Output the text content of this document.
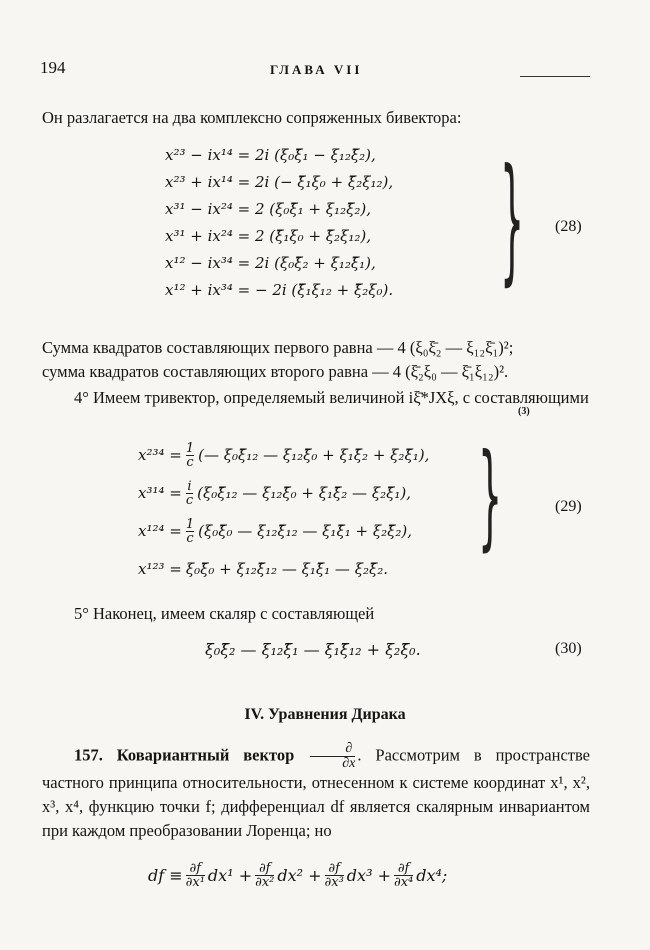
194	ГЛАВА VII
Он разлагается на два комплексно сопряженных бивектора:
x²³ − ix¹⁴ = 2i (ξ₀ξ̄₁ − ξ₁₂ξ̄₂),
x²³ + ix¹⁴ = 2i (− ξ̄₁ξ₀ + ξ̄₂ξ₁₂),
x³¹ − ix²⁴ = 2 (ξ₀ξ̄₁ + ξ₁₂ξ̄₂),
x³¹ + ix²⁴ = 2 (ξ̄₁ξ₀ + ξ̄₂ξ₁₂),
x¹² − ix³⁴ = 2i (ξ₀ξ̄₂ + ξ₁₂ξ̄₁),
x¹² + ix³⁴ = − 2i (ξ̄₁ξ₁₂ + ξ̄₂ξ₀).	} (28)
Сумма квадратов составляющих первого равна — 4 (ξ₀ξ̄₂ — ξ₁₂ξ̄₁)²;
сумма квадратов составляющих второго равна — 4 (ξ̄₂ξ₀ — ξ̄₁ξ₁₂)².
4° Имеем тривектор, определяемый величиной iξ̄*JXξ, с составляющими
(3)
$x^{234} = \frac{1}{c}$ (— ξ₀ξ̄₁₂ — ξ₁₂ξ̄₀ + ξ₁ξ̄₂ + ξ₂ξ̄₁),
$x^{314} = \frac{i}{c}$ (ξ₀ξ̄₁₂ — ξ₁₂ξ̄₀ + ξ₁ξ̄₂ — ξ₂ξ̄₁),
$x^{124} = \frac{1}{c}$ (ξ₀ξ̄₀ — ξ₁₂ξ̄₁₂ — ξ₁ξ̄₁ + ξ₂ξ̄₂),
x¹²³ = ξ₀ξ̄₀ + ξ₁₂ξ̄₁₂ — ξ₁ξ̄₁ — ξ₂ξ̄₂.
}	(29)
5° Наконец, имеем скаляр с составляющей
ξ₀ξ̄₂ — ξ₁₂ξ̄₁ — ξ₁ξ̄₁₂ + ξ₂ξ̄₀.	(30)
IV. Уравнения Дирака
157. Ковариантный вектор $\frac{\partial}{\partial x}$ . Рассмотрим в пространстве частного принципа относительности, отнесенном к системе координат x¹, x², x³, x⁴, функцию точки f; дифференциал df является скалярным инвариантом при каждом преобразовании Лоренца; но
df ≡ $\frac{\partial f}{\text{∂x¹}} dx^1 + \frac{\partial f}{\text{∂x²}} dx^2 + \frac{\partial f}{\text{∂x³}} dx^3 + \frac{\partial f}{\text{∂x⁴}} dx^4$;
